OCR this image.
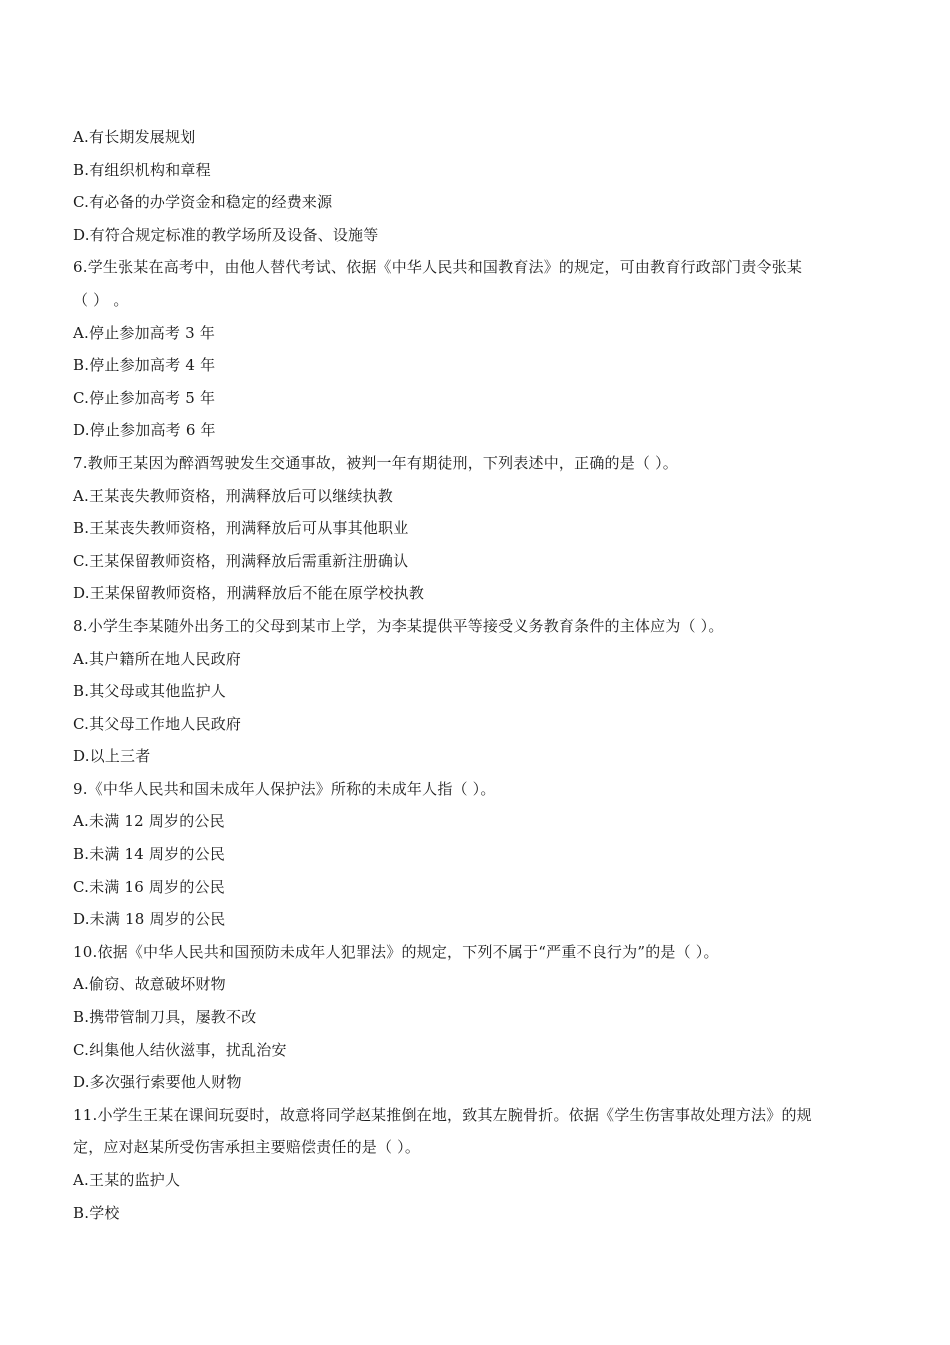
A.有长期发展规划
B.有组织机构和章程
C.有必备的办学资金和稳定的经费来源
D.有符合规定标准的教学场所及设备、设施等
6.学生张某在高考中，由他人替代考试、依据《中华人民共和国教育法》的规定，可由教育行政部门责令张某
（ ） 。
A.停止参加高考 3 年
B.停止参加高考 4 年
C.停止参加高考 5 年
D.停止参加高考 6 年
7.教师王某因为醉酒驾驶发生交通事故，被判一年有期徒刑，下列表述中，正确的是（ ）。
A.王某丧失教师资格，刑满释放后可以继续执教
B.王某丧失教师资格，刑满释放后可从事其他职业
C.王某保留教师资格，刑满释放后需重新注册确认
D.王某保留教师资格，刑满释放后不能在原学校执教
8.小学生李某随外出务工的父母到某市上学，为李某提供平等接受义务教育条件的主体应为（ ）。
A.其户籍所在地人民政府
B.其父母或其他监护人
C.其父母工作地人民政府
D.以上三者
9.《中华人民共和国未成年人保护法》所称的未成年人指（ ）。
A.未满 12 周岁的公民
B.未满 14 周岁的公民
C.未满 16 周岁的公民
D.未满 18 周岁的公民
10.依据《中华人民共和国预防未成年人犯罪法》的规定，下列不属于“严重不良行为”的是（ ）。
A.偷窃、故意破坏财物
B.携带管制刀具，屡教不改
C.纠集他人结伙滋事，扰乱治安
D.多次强行索要他人财物
11.小学生王某在课间玩耍时，故意将同学赵某推倒在地，致其左腕骨折。依据《学生伤害事故处理方法》的规
定，应对赵某所受伤害承担主要赔偿责任的是（ ）。
A.王某的监护人
B.学校
